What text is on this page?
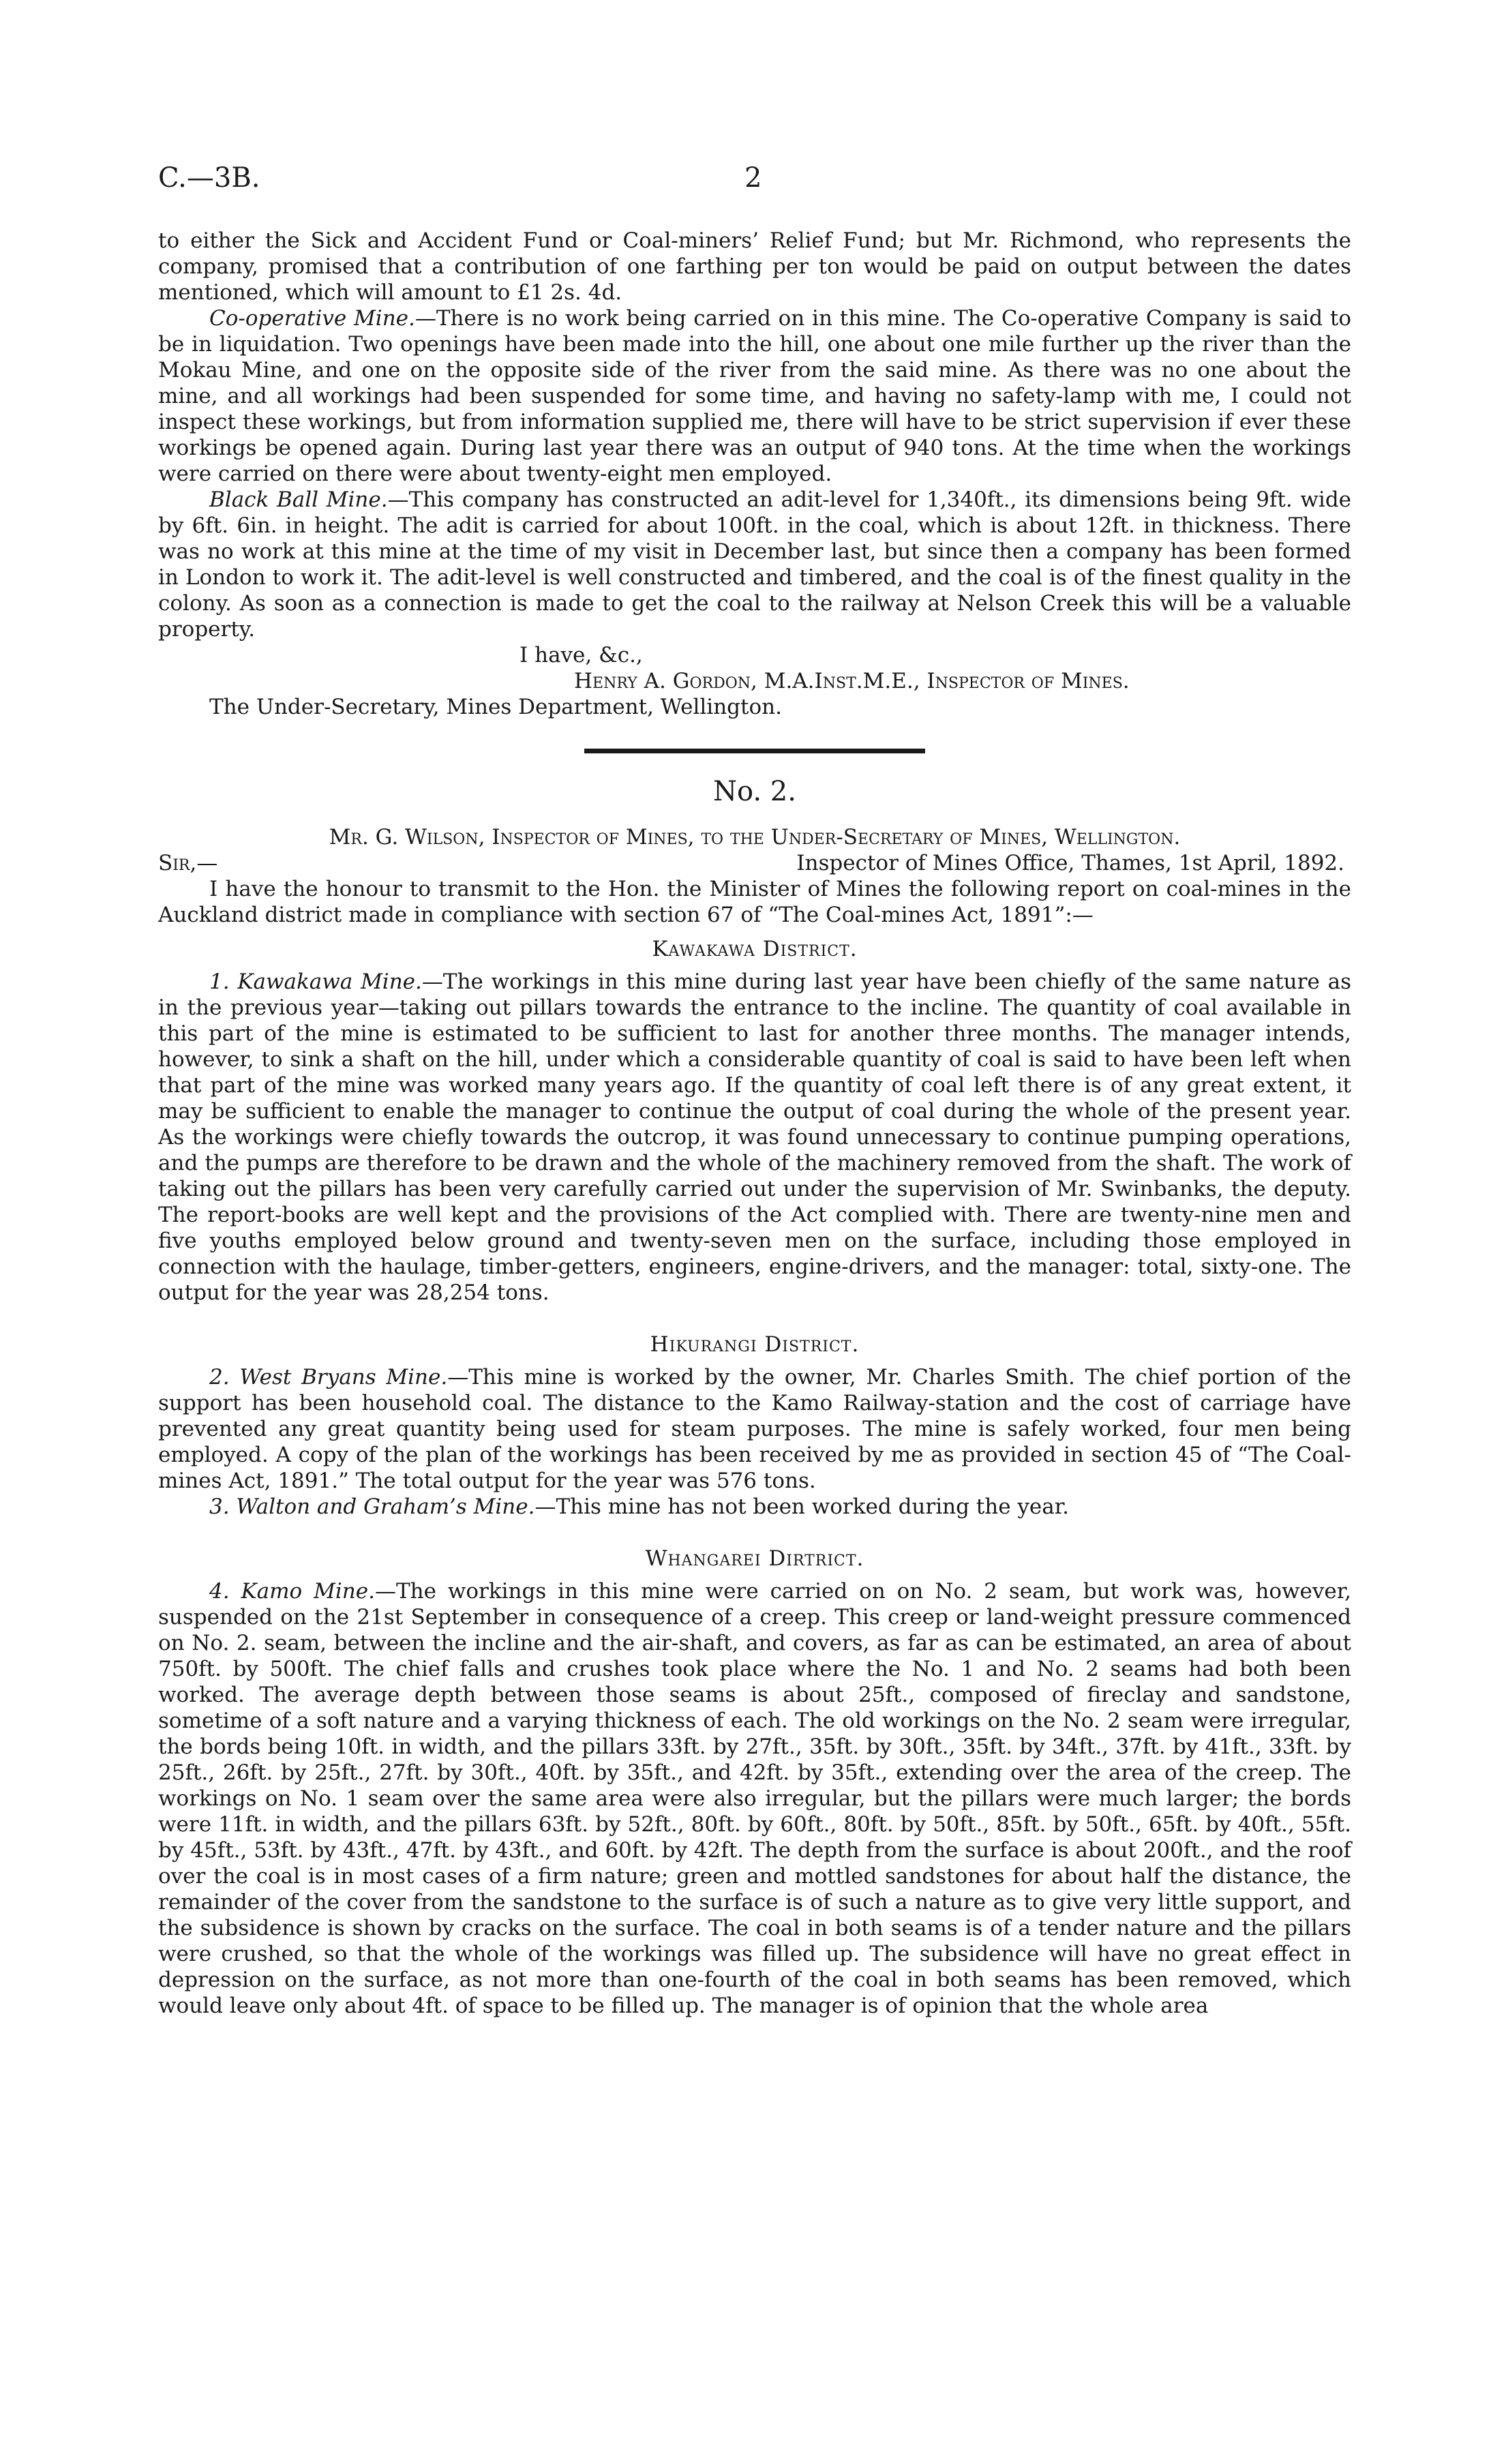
C.—3B.	2

to either the Sick and Accident Fund or Coal-miners’ Relief Fund; but Mr. Richmond, who represents the company, promised that a contribution of one farthing per ton would be paid on output between the dates mentioned, which will amount to £1 2s. 4d.

Co-operative Mine.—There is no work being carried on in this mine. The Co-operative Company is said to be in liquidation. Two openings have been made into the hill, one about one mile further up the river than the Mokau Mine, and one on the opposite side of the river from the said mine. As there was no one about the mine, and all workings had been suspended for some time, and having no safety-lamp with me, I could not inspect these workings, but from information supplied me, there will have to be strict supervision if ever these workings be opened again. During last year there was an output of 940 tons. At the time when the workings were carried on there were about twenty-eight men employed.

Black Ball Mine.—This company has constructed an adit-level for 1,340ft., its dimensions being 9ft. wide by 6ft. 6in. in height. The adit is carried for about 100ft. in the coal, which is about 12ft. in thickness. There was no work at this mine at the time of my visit in December last, but since then a company has been formed in London to work it. The adit-level is well constructed and timbered, and the coal is of the finest quality in the colony. As soon as a connection is made to get the coal to the railway at Nelson Creek this will be a valuable property.

I have, &c.,

Henry A. Gordon, M.A.Inst.M.E., Inspector of Mines.

The Under-Secretary, Mines Department, Wellington.

No. 2.

Mr. G. Wilson, Inspector of Mines, to the Under-Secretary of Mines, Wellington.

Sir,—	Inspector of Mines Office, Thames, 1st April, 1892.

I have the honour to transmit to the Hon. the Minister of Mines the following report on coal-mines in the Auckland district made in compliance with section 67 of “The Coal-mines Act, 1891”:—

Kawakawa District.

1. Kawakawa Mine.—The workings in this mine during last year have been chiefly of the same nature as in the previous year—taking out pillars towards the entrance to the incline. The quantity of coal available in this part of the mine is estimated to be sufficient to last for another three months. The manager intends, however, to sink a shaft on the hill, under which a considerable quantity of coal is said to have been left when that part of the mine was worked many years ago. If the quantity of coal left there is of any great extent, it may be sufficient to enable the manager to continue the output of coal during the whole of the present year. As the workings were chiefly towards the outcrop, it was found unnecessary to continue pumping operations, and the pumps are therefore to be drawn and the whole of the machinery removed from the shaft. The work of taking out the pillars has been very carefully carried out under the supervision of Mr. Swinbanks, the deputy. The report-books are well kept and the provisions of the Act complied with. There are twenty-nine men and five youths employed below ground and twenty-seven men on the surface, including those employed in connection with the haulage, timber-getters, engineers, engine-drivers, and the manager: total, sixty-one. The output for the year was 28,254 tons.

Hikurangi District.

2. West Bryans Mine.—This mine is worked by the owner, Mr. Charles Smith. The chief portion of the support has been household coal. The distance to the Kamo Railway-station and the cost of carriage have prevented any great quantity being used for steam purposes. The mine is safely worked, four men being employed. A copy of the plan of the workings has been received by me as provided in section 45 of “The Coal-mines Act, 1891.” The total output for the year was 576 tons.

3. Walton and Graham’s Mine.—This mine has not been worked during the year.

Whangarei Dirtrict.

4. Kamo Mine.—The workings in this mine were carried on on No. 2 seam, but work was, however, suspended on the 21st September in consequence of a creep. This creep or land-weight pressure commenced on No. 2. seam, between the incline and the air-shaft, and covers, as far as can be estimated, an area of about 750ft. by 500ft. The chief falls and crushes took place where the No. 1 and No. 2 seams had both been worked. The average depth between those seams is about 25ft., composed of fireclay and sandstone, sometime of a soft nature and a varying thickness of each. The old workings on the No. 2 seam were irregular, the bords being 10ft. in width, and the pillars 33ft. by 27ft., 35ft. by 30ft., 35ft. by 34ft., 37ft. by 41ft., 33ft. by 25ft., 26ft. by 25ft., 27ft. by 30ft., 40ft. by 35ft., and 42ft. by 35ft., extending over the area of the creep. The workings on No. 1 seam over the same area were also irregular, but the pillars were much larger; the bords were 11ft. in width, and the pillars 63ft. by 52ft., 80ft. by 60ft., 80ft. by 50ft., 85ft. by 50ft., 65ft. by 40ft., 55ft. by 45ft., 53ft. by 43ft., 47ft. by 43ft., and 60ft. by 42ft. The depth from the surface is about 200ft., and the roof over the coal is in most cases of a firm nature; green and mottled sandstones for about half the distance, the remainder of the cover from the sandstone to the surface is of such a nature as to give very little support, and the subsidence is shown by cracks on the surface. The coal in both seams is of a tender nature and the pillars were crushed, so that the whole of the workings was filled up. The subsidence will have no great effect in depression on the surface, as not more than one-fourth of the coal in both seams has been removed, which would leave only about 4ft. of space to be filled up. The manager is of opinion that the whole area
